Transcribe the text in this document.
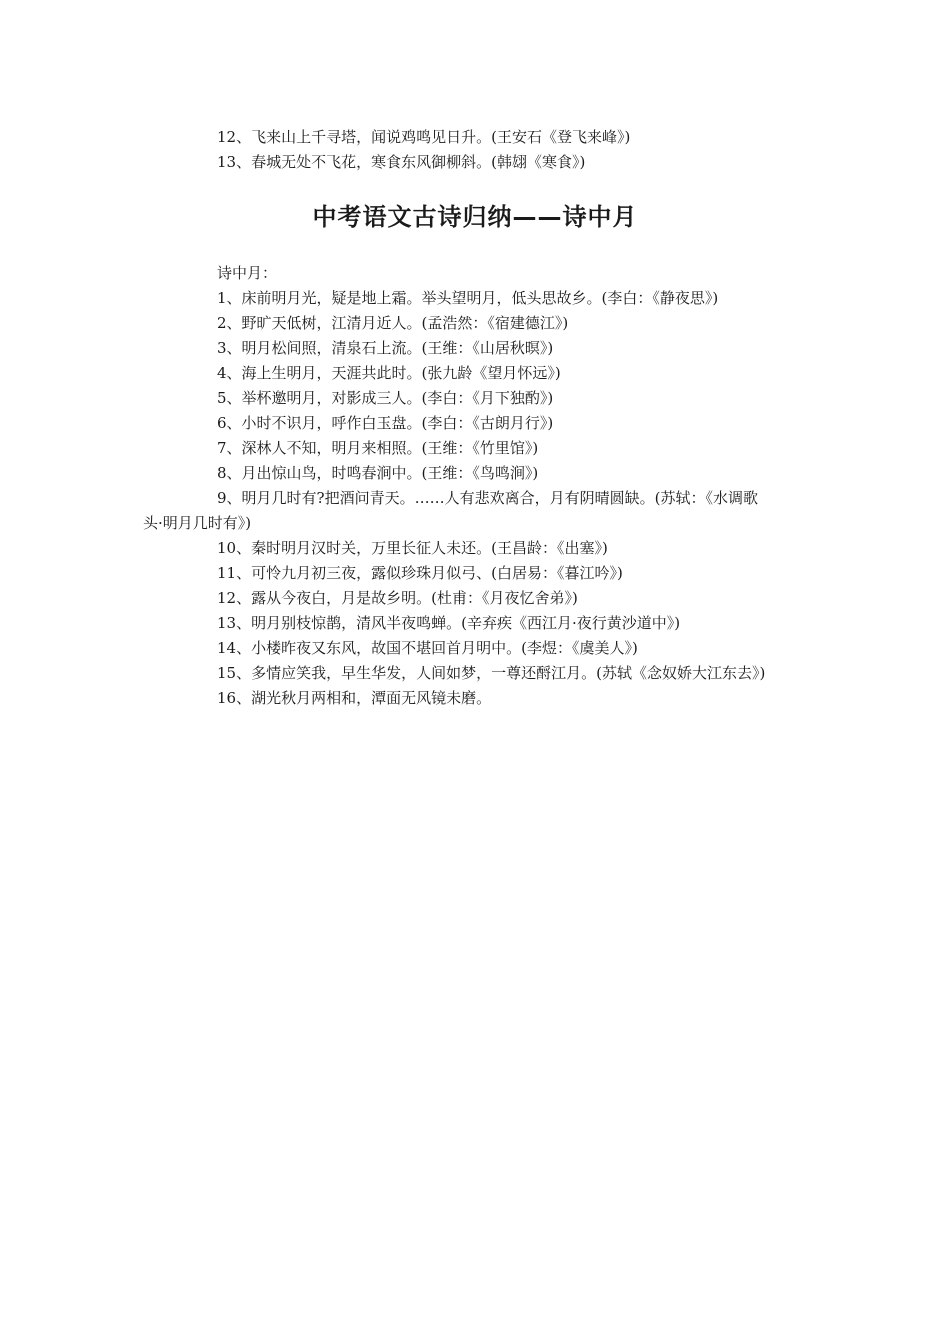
12、飞来山上千寻塔，闻说鸡鸣见日升。(王安石《登飞来峰》)
13、春城无处不飞花，寒食东风御柳斜。(韩翃《寒食》)
中考语文古诗归纳——诗中月
诗中月：
1、床前明月光，疑是地上霜。举头望明月，低头思故乡。(李白：《静夜思》)
2、野旷天低树，江清月近人。(孟浩然：《宿建德江》)
3、明月松间照，清泉石上流。(王维：《山居秋暝》)
4、海上生明月，天涯共此时。(张九龄《望月怀远》)
5、举杯邀明月，对影成三人。(李白：《月下独酌》)
6、小时不识月，呼作白玉盘。(李白：《古朗月行》)
7、深林人不知，明月来相照。(王维：《竹里馆》)
8、月出惊山鸟，时鸣春涧中。(王维：《鸟鸣涧》)
9、明月几时有?把酒问青天。……人有悲欢离合，月有阴晴圆缺。(苏轼：《水调歌
头·明月几时有》)
10、秦时明月汉时关，万里长征人未还。(王昌龄：《出塞》)
11、可怜九月初三夜，露似珍珠月似弓、(白居易：《暮江吟》)
12、露从今夜白，月是故乡明。(杜甫：《月夜忆舍弟》)
13、明月别枝惊鹊，清风半夜鸣蝉。(辛弃疾《西江月·夜行黄沙道中》)
14、小楼昨夜又东风，故国不堪回首月明中。(李煜：《虞美人》)
15、多情应笑我，早生华发，人间如梦，一尊还酹江月。(苏轼《念奴娇大江东去》)
16、湖光秋月两相和，潭面无风镜未磨。
